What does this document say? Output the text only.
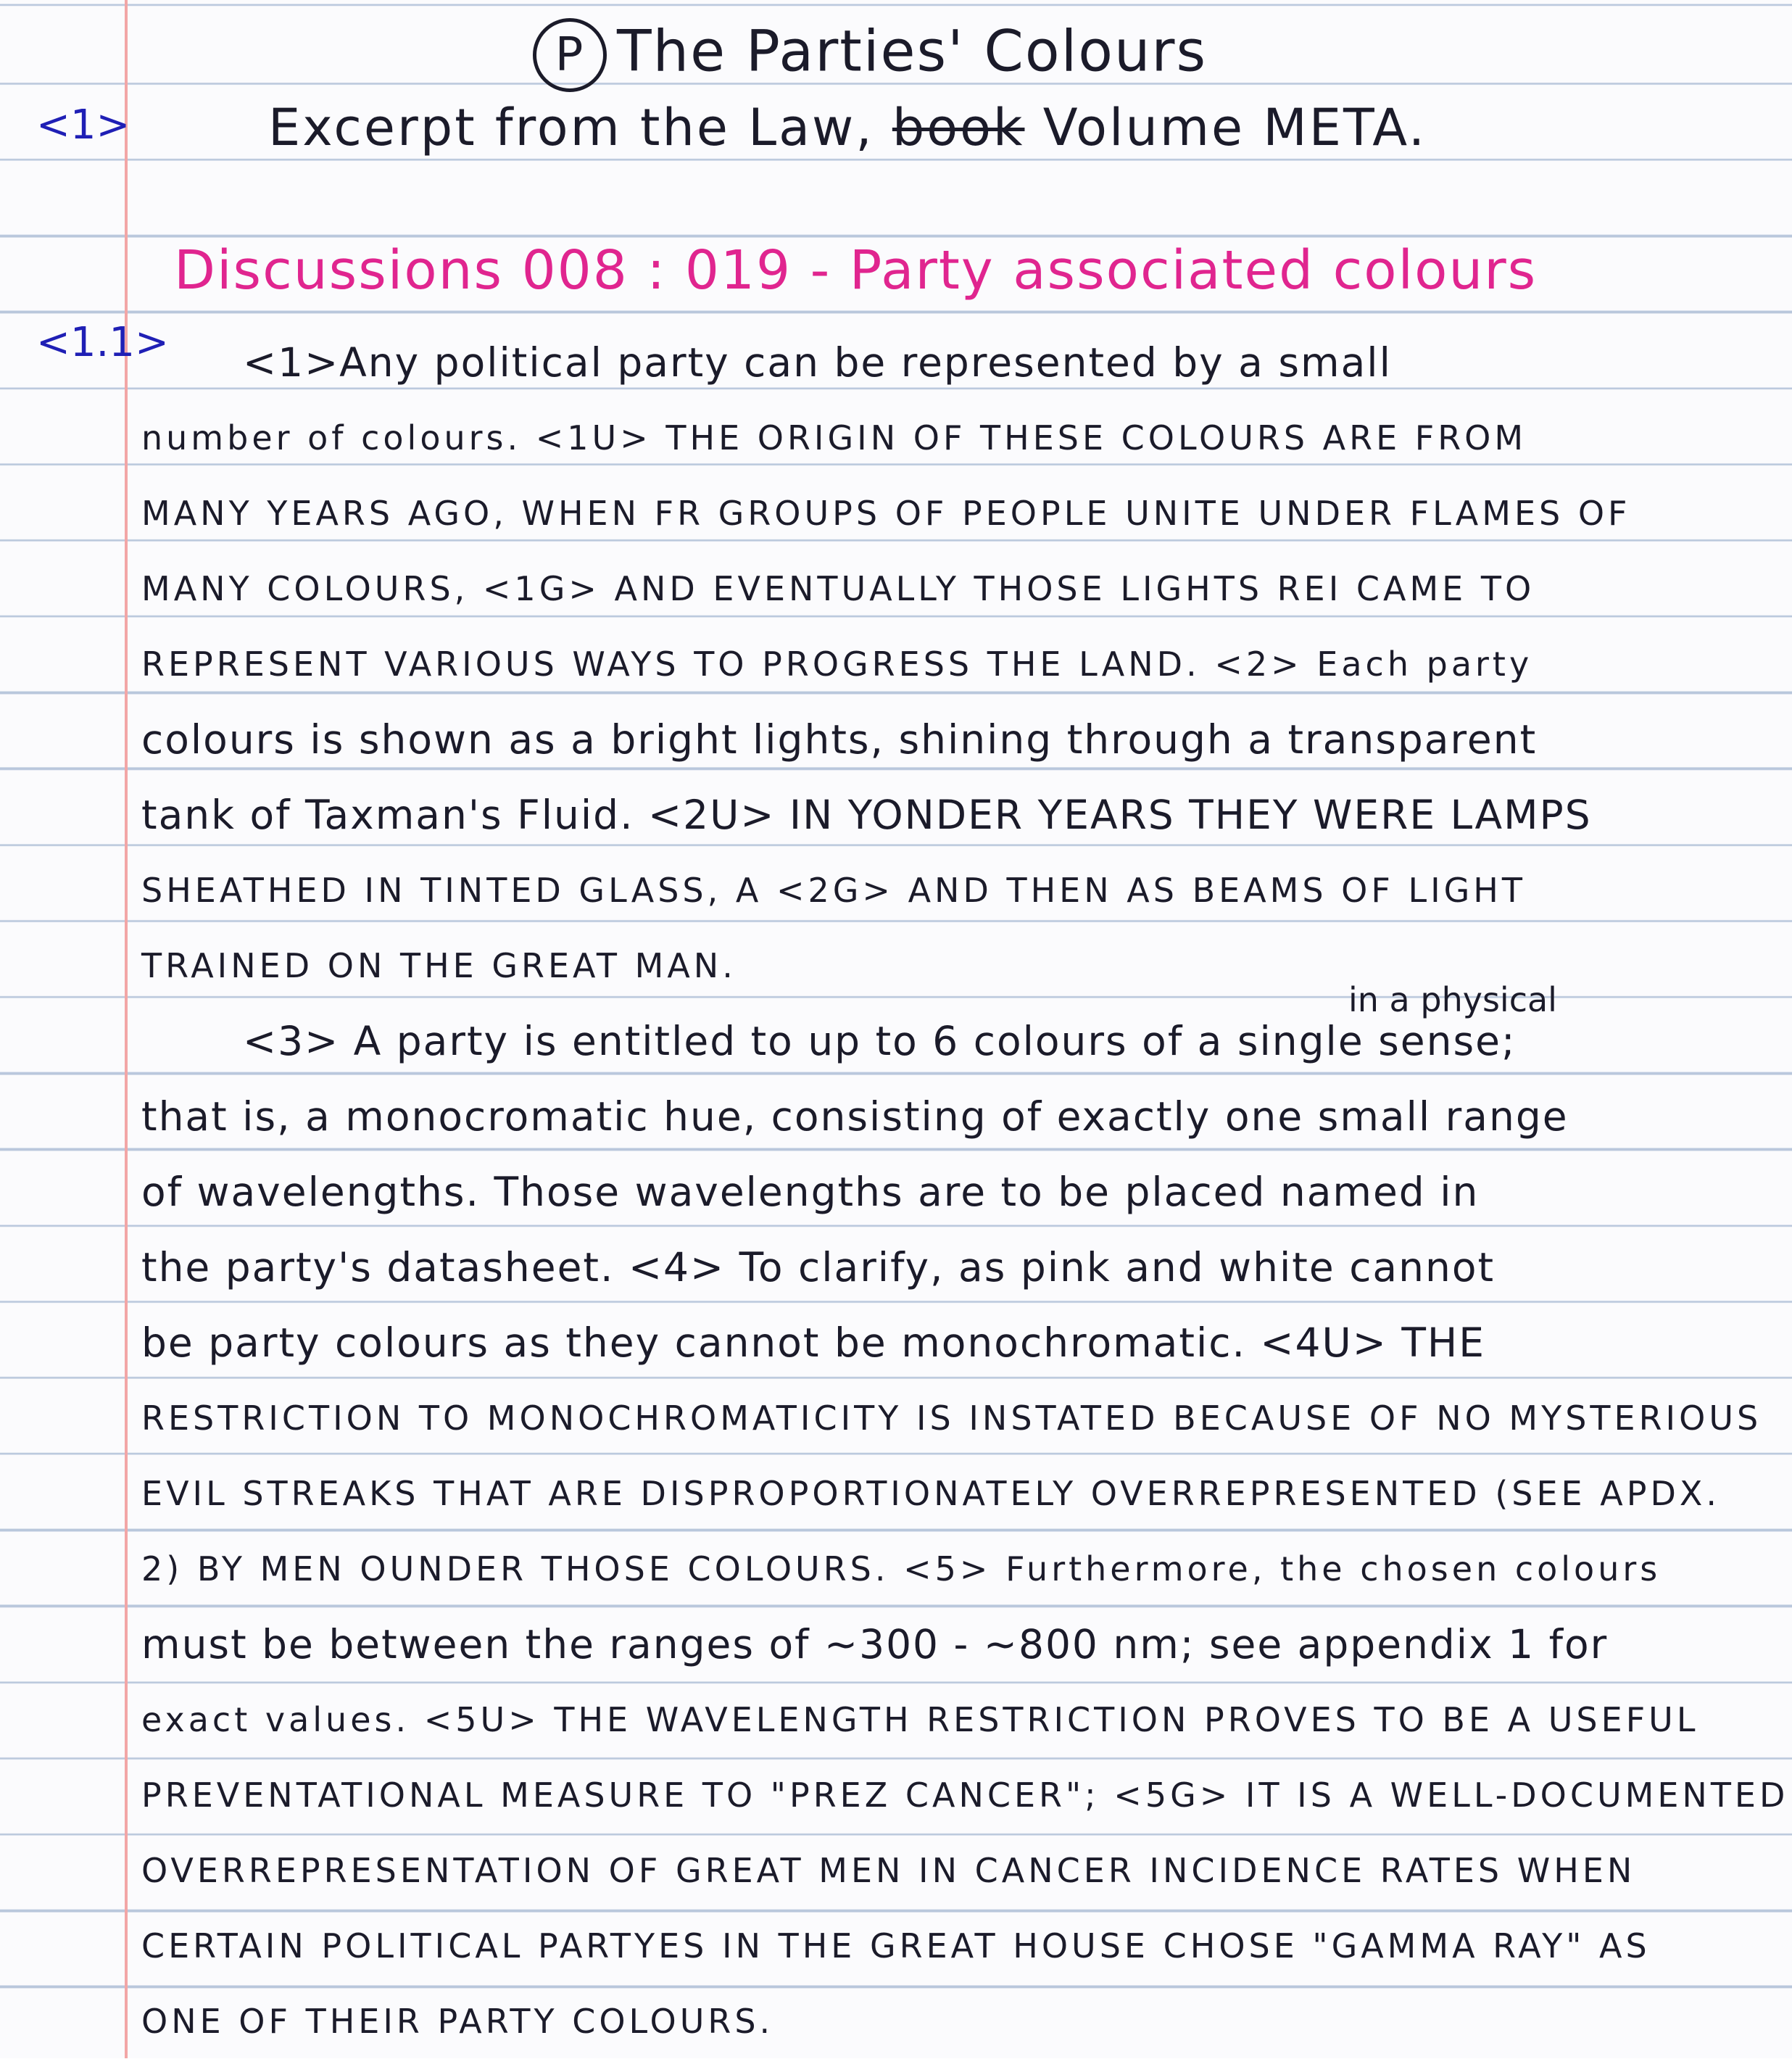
P The Parties' Colours
Excerpt from the Law, book Volume META.
<1>
<1.1>
Discussions 008 : 019 - Party associated colours
in a physical
<1>Any political party can be represented by a small
number of colours. <1U> THE ORIGIN OF THESE COLOURS ARE FROM
MANY YEARS AGO, WHEN FR GROUPS OF PEOPLE UNITE UNDER FLAMES OF
MANY COLOURS, <1G> AND EVENTUALLY THOSE LIGHTS REI CAME TO
REPRESENT VARIOUS WAYS TO PROGRESS THE LAND. <2> Each party
colours is shown as a bright lights, shining through a transparent
tank of Taxman's Fluid. <2U> IN YONDER YEARS THEY WERE LAMPS
SHEATHED IN TINTED GLASS, A <2G> AND THEN AS BEAMS OF LIGHT
TRAINED ON THE GREAT MAN.
<3> A party is entitled to up to 6 colours of a single sense;
that is, a monocromatic hue, consisting of exactly one small range
of wavelengths. Those wavelengths are to be placed named in
the party's datasheet. <4> To clarify, as pink and white cannot
be party colours as they cannot be monochromatic. <4U> THE
RESTRICTION TO MONOCHROMATICITY IS INSTATED BECAUSE OF NO MYSTERIOUS
EVIL STREAKS THAT ARE DISPROPORTIONATELY OVERREPRESENTED (SEE APDX.
2) BY MEN OUNDER THOSE COLOURS. <5> Furthermore, the chosen colours
must be between the ranges of ~300 - ~800 nm; see appendix 1 for
exact values. <5U> THE WAVELENGTH RESTRICTION PROVES TO BE A USEFUL
PREVENTATIONAL MEASURE TO "PREZ CANCER"; <5G> IT IS A WELL-DOCUMENTED
OVERREPRESENTATION OF GREAT MEN IN CANCER INCIDENCE RATES WHEN
CERTAIN POLITICAL PARTYES IN THE GREAT HOUSE CHOSE "GAMMA RAY" AS
ONE OF THEIR PARTY COLOURS.
